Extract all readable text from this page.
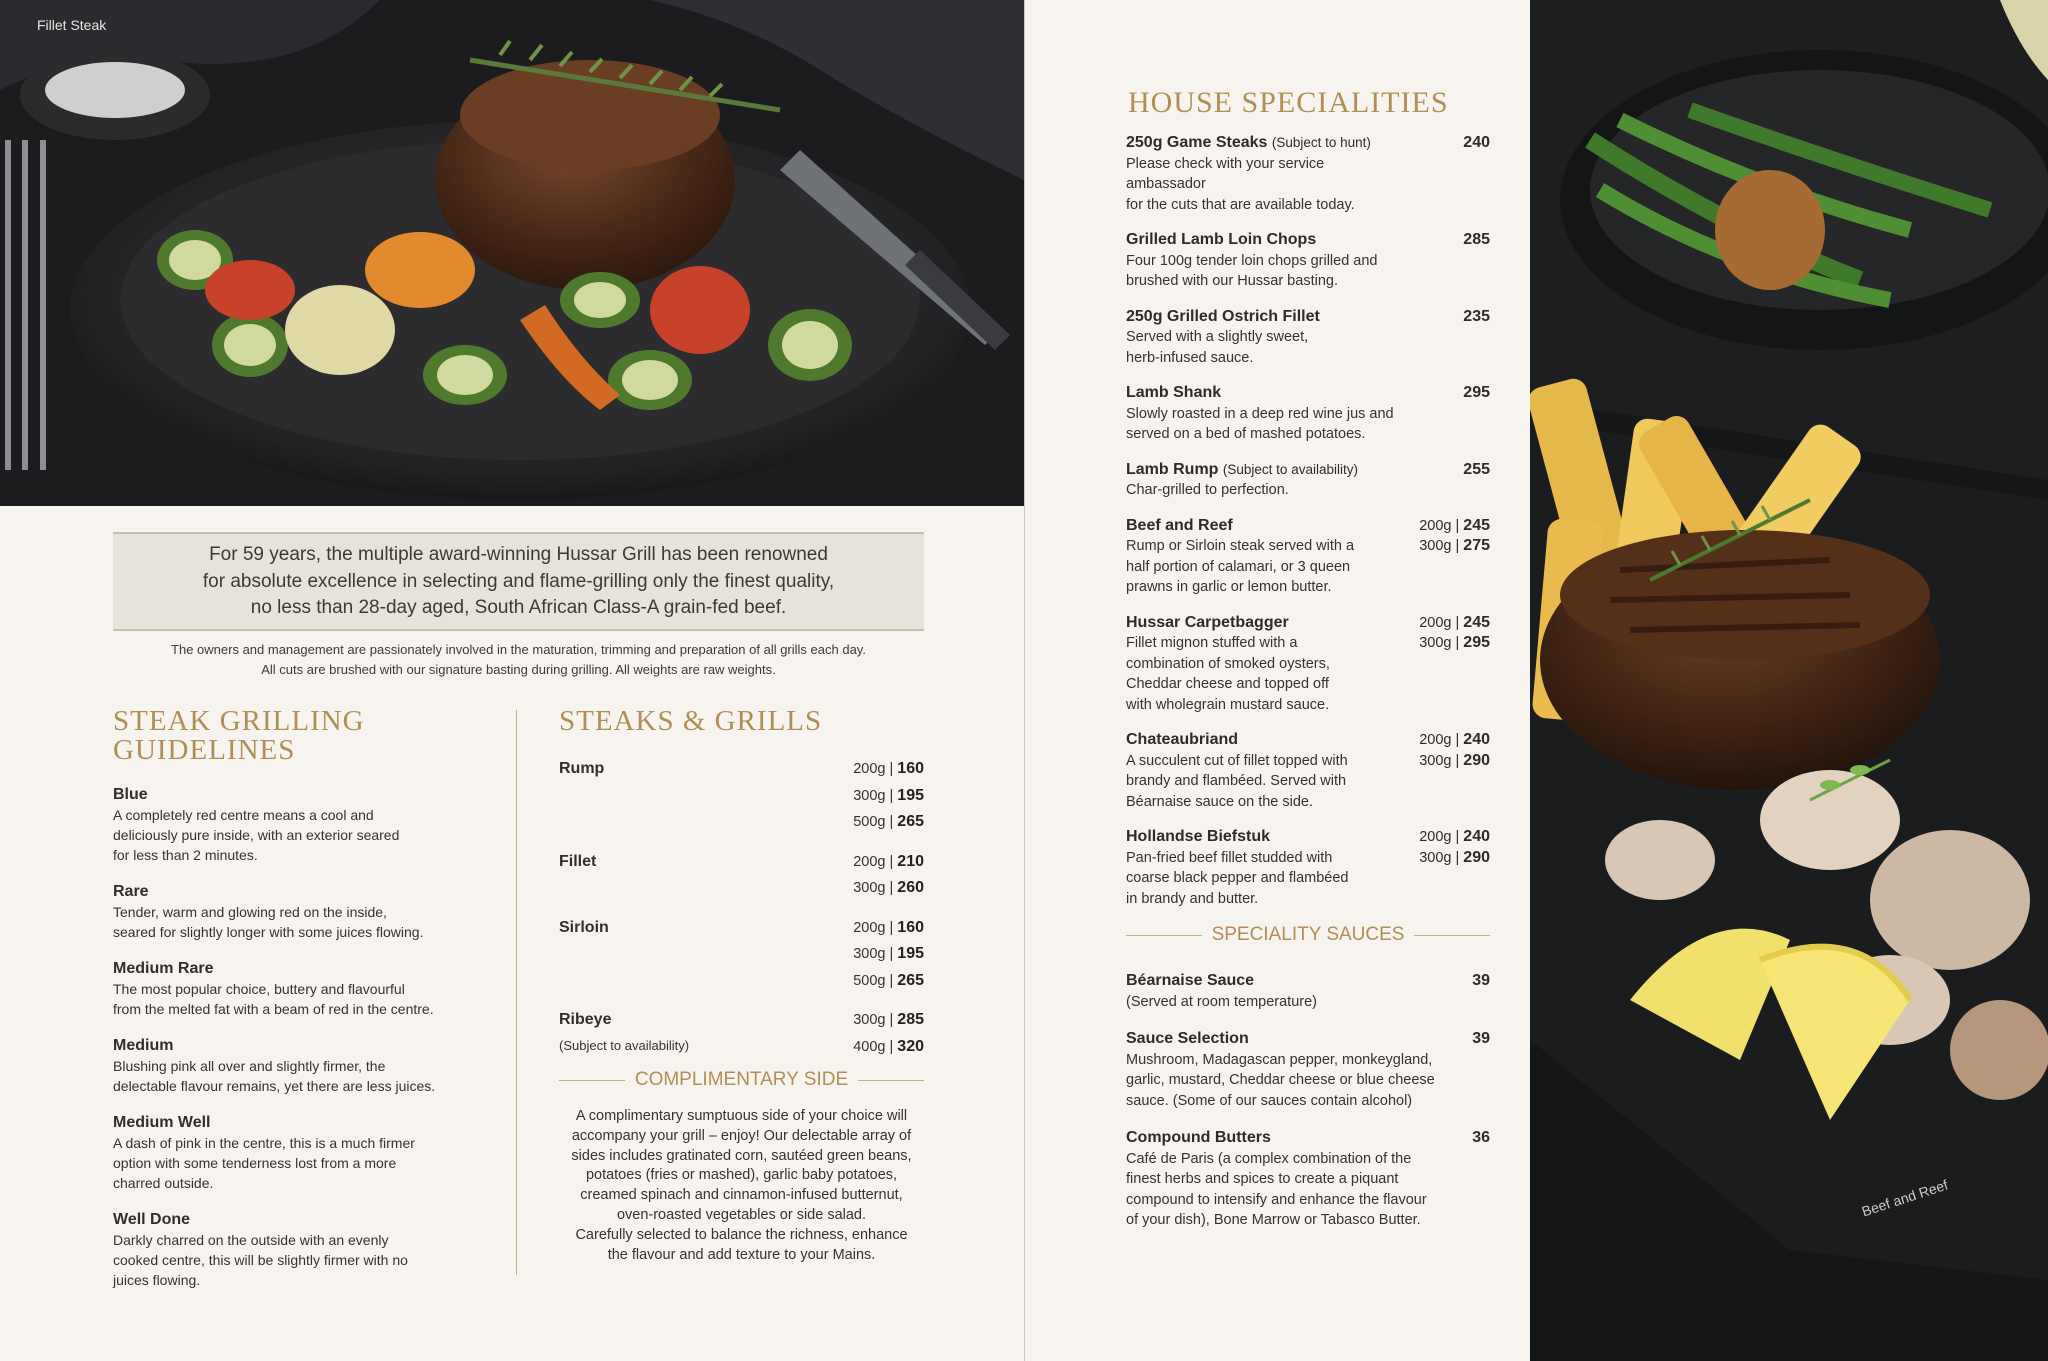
Fillet Steak
For 59 years, the multiple award-winning Hussar Grill has been renowned
for absolute excellence in selecting and flame-grilling only the finest quality,
no less than 28-day aged, South African Class-A grain-fed beef.
The owners and management are passionately involved in the maturation, trimming and preparation of all grills each day.
All cuts are brushed with our signature basting during grilling. All weights are raw weights.
STEAK GRILLING
GUIDELINES
Blue
A completely red centre means a cool and
deliciously pure inside, with an exterior seared
for less than 2 minutes.
Rare
Tender, warm and glowing red on the inside,
seared for slightly longer with some juices flowing.
Medium Rare
The most popular choice, buttery and flavourful
from the melted fat with a beam of red in the centre.
Medium
Blushing pink all over and slightly firmer, the
delectable flavour remains, yet there are less juices.
Medium Well
A dash of pink in the centre, this is a much firmer
option with some tenderness lost from a more
charred outside.
Well Done
Darkly charred on the outside with an evenly
cooked centre, this will be slightly firmer with no
juices flowing.
STEAKS & GRILLS
Rump	200g | 160
300g | 195
500g | 265
Fillet	200g | 210
300g | 260
Sirloin	200g | 160
300g | 195
500g | 265
Ribeye
(Subject to availability)
300g | 285
400g | 320
COMPLIMENTARY SIDE
A complimentary sumptuous side of your choice will
accompany your grill – enjoy! Our delectable array of
sides includes gratinated corn, sautéed green beans,
potatoes (fries or mashed), garlic baby potatoes,
creamed spinach and cinnamon-infused butternut,
oven-roasted vegetables or side salad.
Carefully selected to balance the richness, enhance
the flavour and add texture to your Mains.
HOUSE SPECIALITIES
250g Game Steaks (Subject to hunt)
Please check with your service ambassador
for the cuts that are available today.
240
Grilled Lamb Loin Chops
Four 100g tender loin chops grilled and
brushed with our Hussar basting.
285
250g Grilled Ostrich Fillet
Served with a slightly sweet,
herb-infused sauce.
235
Lamb Shank
Slowly roasted in a deep red wine jus and
served on a bed of mashed potatoes.
295
Lamb Rump (Subject to availability)
Char-grilled to perfection.
255
Beef and Reef
Rump or Sirloin steak served with a
half portion of calamari, or 3 queen
prawns in garlic or lemon butter.
200g | 245
300g | 275
Hussar Carpetbagger
Fillet mignon stuffed with a
combination of smoked oysters,
Cheddar cheese and topped off
with wholegrain mustard sauce.
200g | 245
300g | 295
Chateaubriand
A succulent cut of fillet topped with
brandy and flambéed. Served with
Béarnaise sauce on the side.
200g | 240
300g | 290
Hollandse Biefstuk
Pan-fried beef fillet studded with
coarse black pepper and flambéed
in brandy and butter.
200g | 240
300g | 290
SPECIALITY SAUCES
Béarnaise Sauce
(Served at room temperature)
39
Sauce Selection
Mushroom, Madagascan pepper, monkeygland,
garlic, mustard, Cheddar cheese or blue cheese
sauce. (Some of our sauces contain alcohol)
39
Compound Butters
Café de Paris (a complex combination of the
finest herbs and spices to create a piquant
compound to intensify and enhance the flavour
of your dish), Bone Marrow or Tabasco Butter.
36
Beef and Reef
